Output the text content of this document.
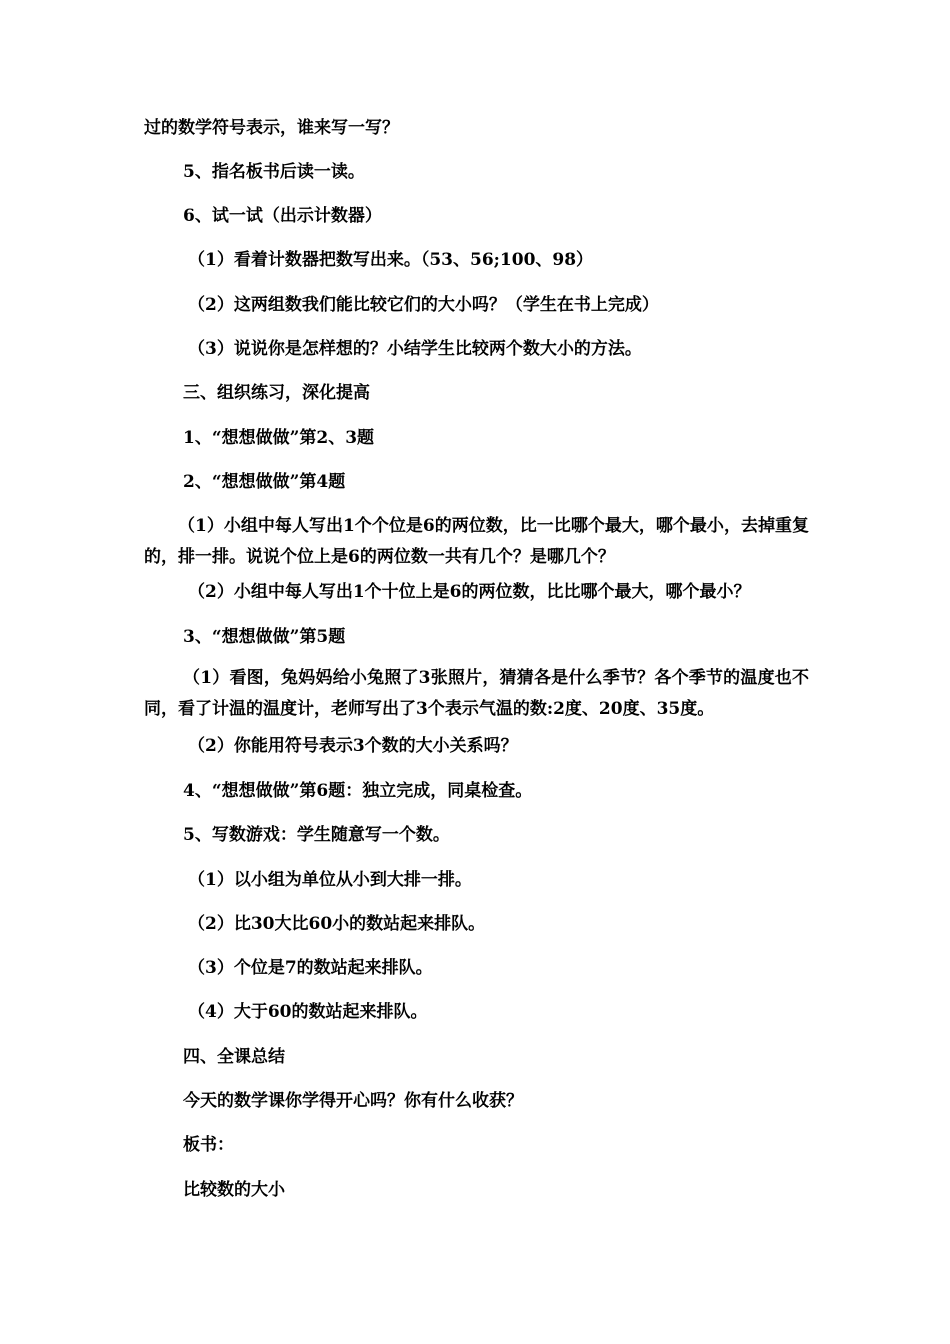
过的数学符号表示，谁来写一写？
5、指名板书后读一读。
6、试一试（出示计数器）
（1）看着计数器把数写出来。（53、56;100、98）
（2）这两组数我们能比较它们的大小吗？（学生在书上完成）
（3）说说你是怎样想的？小结学生比较两个数大小的方法。
三、组织练习，深化提高
1、“想想做做”第2、3题
2、“想想做做”第4题
（1）小组中每人写出1个个位是6的两位数，比一比哪个最大，哪个最小，去掉重复的，排一排。说说个位上是6的两位数一共有几个？是哪几个？
（2）小组中每人写出1个十位上是6的两位数，比比哪个最大，哪个最小？
3、“想想做做”第5题
（1）看图，兔妈妈给小兔照了3张照片，猜猜各是什么季节？各个季节的温度也不同，看了计温的温度计，老师写出了3个表示气温的数:2度、20度、35度。
（2）你能用符号表示3个数的大小关系吗？
4、“想想做做”第6题：独立完成，同桌检查。
5、写数游戏：学生随意写一个数。
（1）以小组为单位从小到大排一排。
（2）比30大比60小的数站起来排队。
（3）个位是7的数站起来排队。
（4）大于60的数站起来排队。
四、全课总结
今天的数学课你学得开心吗？你有什么收获？
板书：
比较数的大小
